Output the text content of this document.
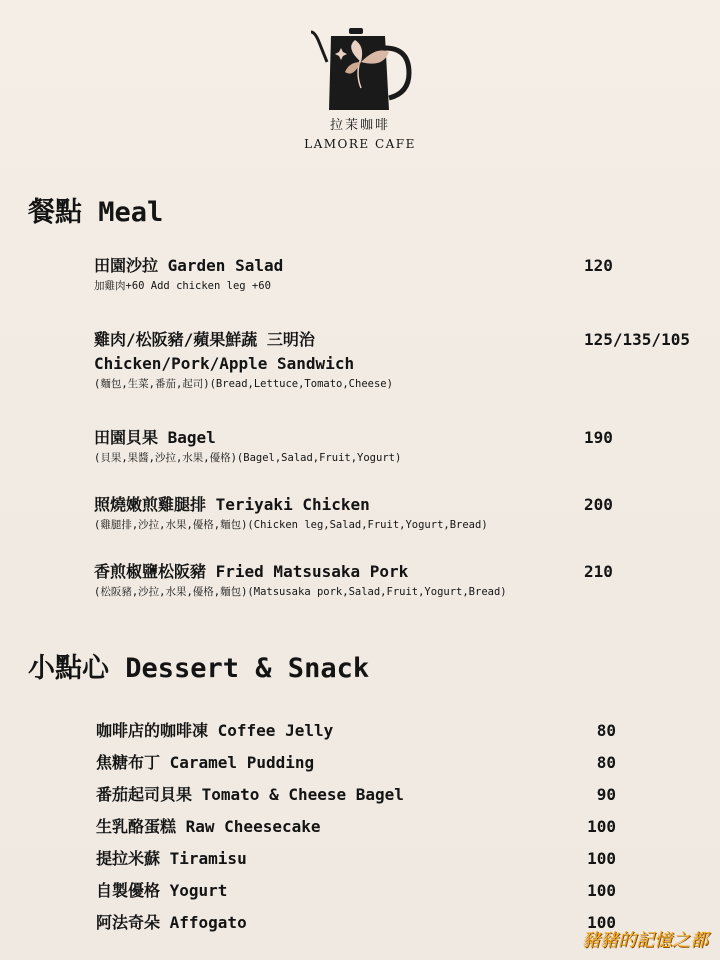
拉茉咖啡
LAMORE CAFE
餐點 Meal
田園沙拉 Garden Salad
加雞肉+60 Add chicken leg +60
120
雞肉/松阪豬/蘋果鮮蔬 三明治
Chicken/Pork/Apple Sandwich
(麵包,生菜,番茄,起司)(Bread,Lettuce,Tomato,Cheese)
125/135/105
田園貝果 Bagel
(貝果,果醬,沙拉,水果,優格)(Bagel,Salad,Fruit,Yogurt)
190
照燒嫩煎雞腿排 Teriyaki Chicken
(雞腿排,沙拉,水果,優格,麵包)(Chicken leg,Salad,Fruit,Yogurt,Bread)
200
香煎椒鹽松阪豬 Fried Matsusaka Pork
(松阪豬,沙拉,水果,優格,麵包)(Matsusaka pork,Salad,Fruit,Yogurt,Bread)
210
小點心 Dessert & Snack
咖啡店的咖啡凍 Coffee Jelly	80
焦糖布丁 Caramel Pudding	80
番茄起司貝果 Tomato & Cheese Bagel	90
生乳酪蛋糕 Raw Cheesecake	100
提拉米蘇 Tiramisu	100
自製優格 Yogurt	100
阿法奇朵 Affogato	100
豬豬的記憶之都
